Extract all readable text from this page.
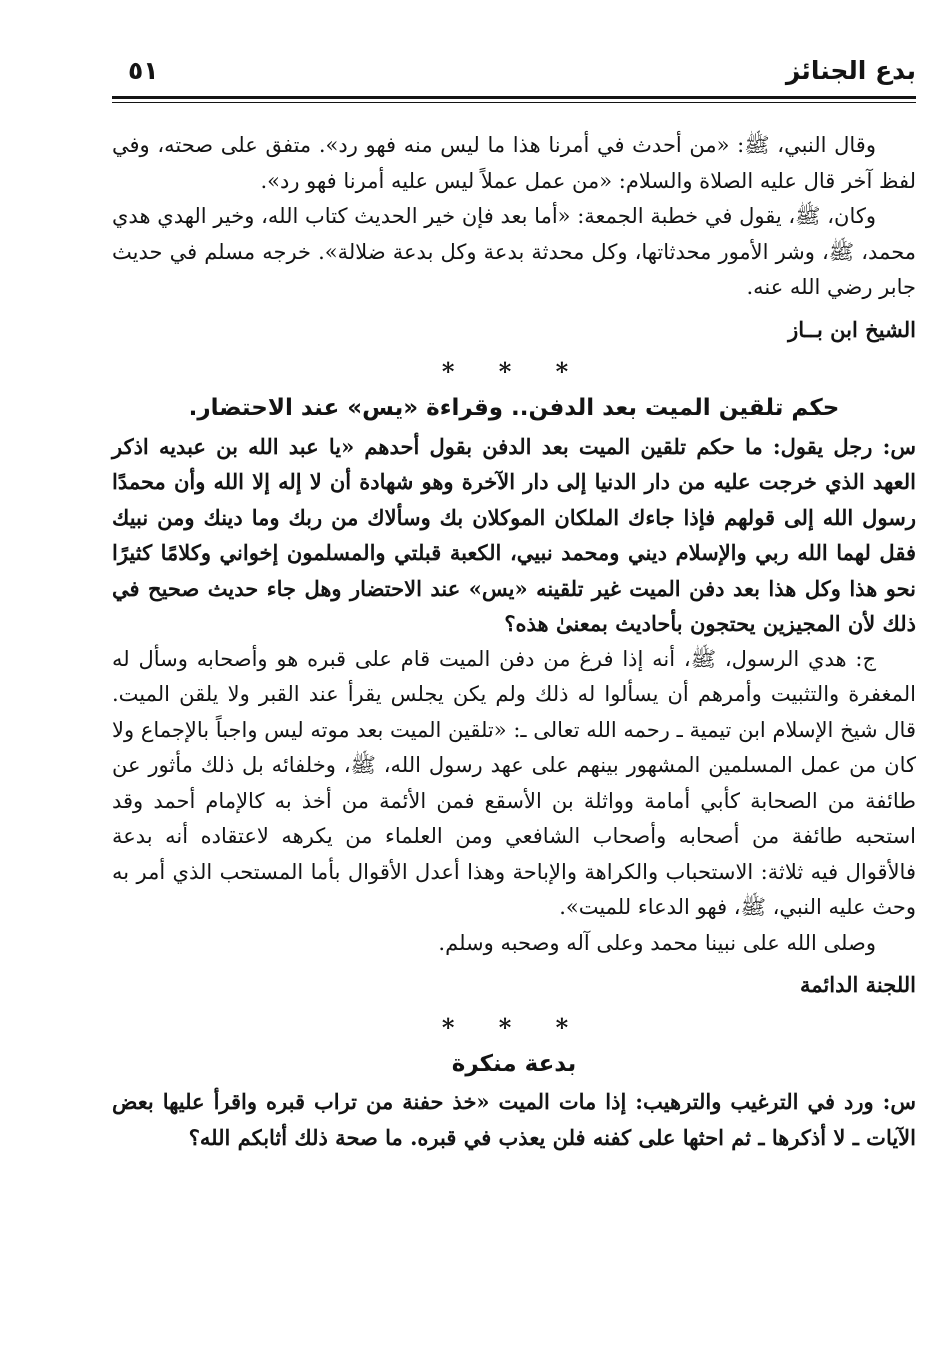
بدع الجنائز
٥١

وقال النبي، ﷺ: «من أحدث في أمرنا هذا ما ليس منه فهو رد». متفق على صحته، وفي لفظ آخر قال عليه الصلاة والسلام: «من عمل عملاً ليس عليه أمرنا فهو رد».

وكان، ﷺ، يقول في خطبة الجمعة: «أما بعد فإن خير الحديث كتاب الله، وخير الهدي هدي محمد، ﷺ، وشر الأمور محدثاتها، وكل محدثة بدعة وكل بدعة ضلالة». خرجه مسلم في حديث جابر رضي الله عنه.

الشيخ ابن بــاز

* * *
حكم تلقين الميت بعد الدفن.. وقراءة «يس» عند الاحتضار.

س: رجل يقول: ما حكم تلقين الميت بعد الدفن بقول أحدهم «يا عبد الله بن عبديه اذكر العهد الذي خرجت عليه من دار الدنيا إلى دار الآخرة وهو شهادة أن لا إله إلا الله وأن محمدًا رسول الله إلى قولهم فإذا جاءك الملكان الموكلان بك وسألاك من ربك وما دينك ومن نبيك فقل لهما الله ربي والإسلام ديني ومحمد نبيي، الكعبة قبلتي والمسلمون إخواني وكلامًا كثيرًا نحو هذا وكل هذا بعد دفن الميت غير تلقينه «يس» عند الاحتضار وهل جاء حديث صحيح في ذلك لأن المجيزين يحتجون بأحاديث بمعنىٰ هذه؟

ج: هدي الرسول، ﷺ، أنه إذا فرغ من دفن الميت قام على قبره هو وأصحابه وسأل له المغفرة والتثبيت وأمرهم أن يسألوا له ذلك ولم يكن يجلس يقرأ عند القبر ولا يلقن الميت. قال شيخ الإسلام ابن تيمية ـ رحمه الله تعالى ـ: «تلقين الميت بعد موته ليس واجباً بالإجماع ولا كان من عمل المسلمين المشهور بينهم على عهد رسول الله، ﷺ، وخلفائه بل ذلك مأثور عن طائفة من الصحابة كأبي أمامة وواثلة بن الأسقع فمن الأئمة من أخذ به كالإمام أحمد وقد استحبه طائفة من أصحابه وأصحاب الشافعي ومن العلماء من يكرهه لاعتقاده أنه بدعة فالأقوال فيه ثلاثة: الاستحباب والكراهة والإباحة وهذا أعدل الأقوال بأما المستحب الذي أمر به وحث عليه النبي، ﷺ، فهو الدعاء للميت».

وصلى الله على نبينا محمد وعلى آله وصحبه وسلم.

اللجنة الدائمة

* * *
بدعة منكرة

س: ورد في الترغيب والترهيب: إذا مات الميت «خذ حفنة من تراب قبره واقرأ عليها بعض الآيات ـ لا أذكرها ـ ثم احثها على كفنه فلن يعذب في قبره. ما صحة ذلك أثابكم الله؟
